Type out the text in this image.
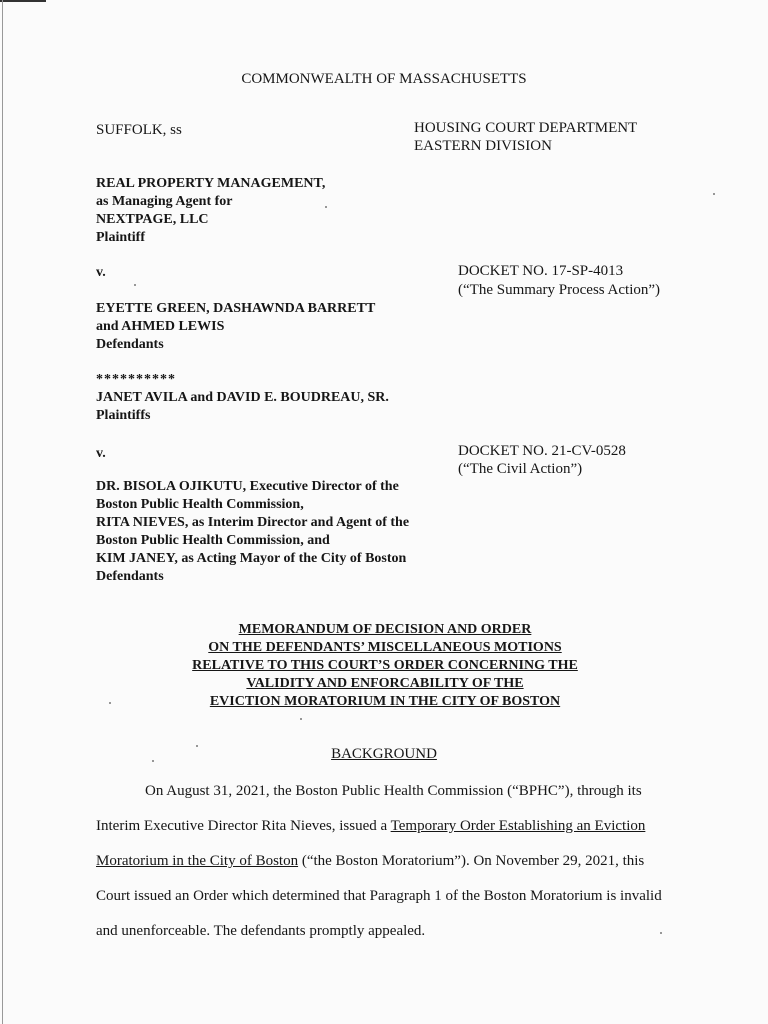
COMMONWEALTH OF MASSACHUSETTS
SUFFOLK, ss	HOUSING COURT DEPARTMENT
EASTERN DIVISION
REAL PROPERTY MANAGEMENT,
as Managing Agent for
NEXTPAGE, LLC
Plaintiff
v.	DOCKET NO. 17-SP-4013
(“The Summary Process Action”)
EYETTE GREEN, DASHAWNDA BARRETT
and AHMED LEWIS
Defendants
**********
JANET AVILA and DAVID E. BOUDREAU, SR.
Plaintiffs
v.	DOCKET NO. 21-CV-0528
(“The Civil Action”)
DR. BISOLA OJIKUTU, Executive Director of the
Boston Public Health Commission,
RITA NIEVES, as Interim Director and Agent of the
Boston Public Health Commission, and
KIM JANEY, as Acting Mayor of the City of Boston
Defendants
MEMORANDUM OF DECISION AND ORDER
ON THE DEFENDANTS’ MISCELLANEOUS MOTIONS
RELATIVE TO THIS COURT’S ORDER CONCERNING THE
VALIDITY AND ENFORCABILITY OF THE
EVICTION MORATORIUM IN THE CITY OF BOSTON
BACKGROUND
On August 31, 2021, the Boston Public Health Commission (“BPHC”), through its
Interim Executive Director Rita Nieves, issued a Temporary Order Establishing an Eviction
Moratorium in the City of Boston (“the Boston Moratorium”). On November 29, 2021, this
Court issued an Order which determined that Paragraph 1 of the Boston Moratorium is invalid
and unenforceable. The defendants promptly appealed.
